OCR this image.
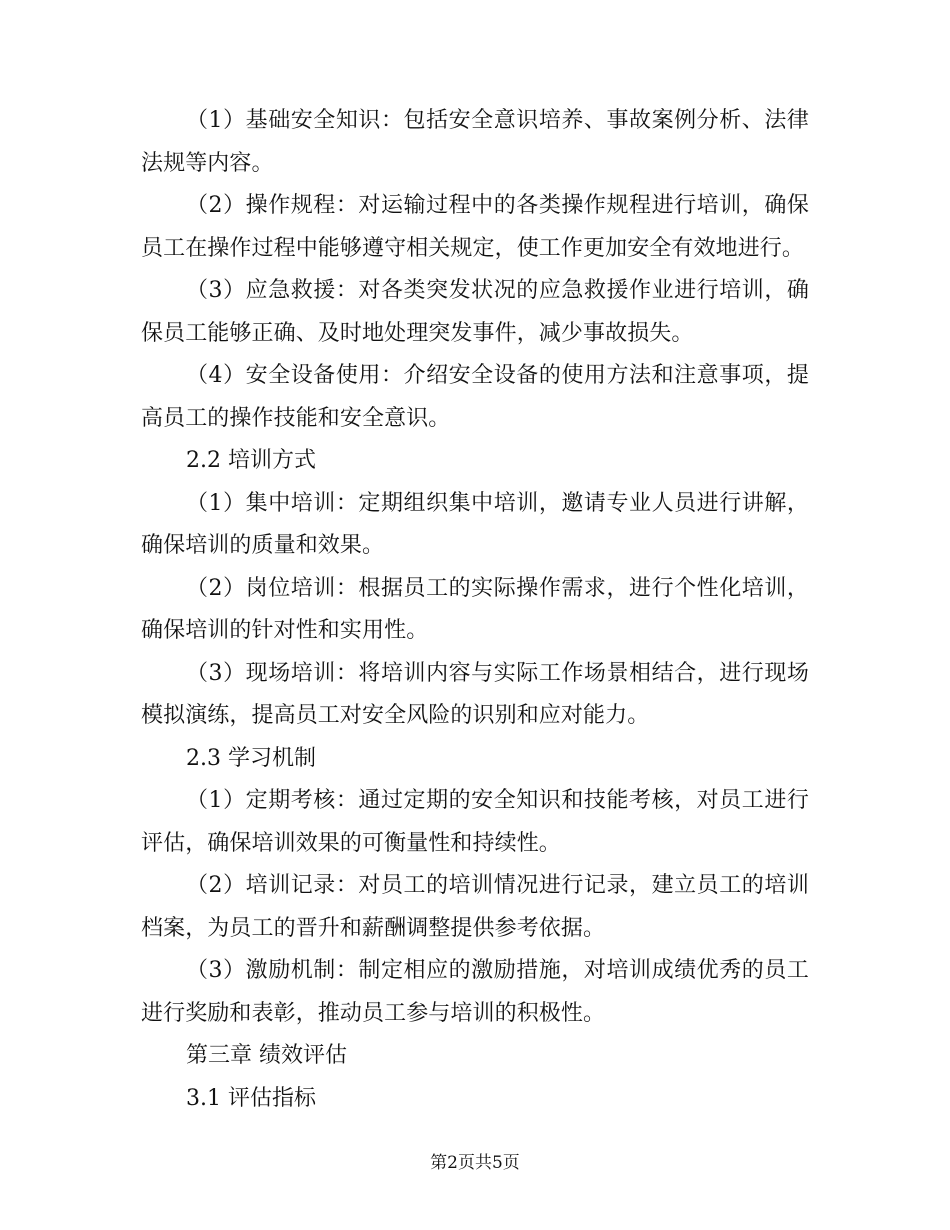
（1）基础安全知识：包括安全意识培养、事故案例分析、法律法规等内容。

（2）操作规程：对运输过程中的各类操作规程进行培训，确保员工在操作过程中能够遵守相关规定，使工作更加安全有效地进行。

（3）应急救援：对各类突发状况的应急救援作业进行培训，确保员工能够正确、及时地处理突发事件，减少事故损失。

（4）安全设备使用：介绍安全设备的使用方法和注意事项，提高员工的操作技能和安全意识。

2.2 培训方式

（1）集中培训：定期组织集中培训，邀请专业人员进行讲解，确保培训的质量和效果。

（2）岗位培训：根据员工的实际操作需求，进行个性化培训，确保培训的针对性和实用性。

（3）现场培训：将培训内容与实际工作场景相结合，进行现场模拟演练，提高员工对安全风险的识别和应对能力。

2.3 学习机制

（1）定期考核：通过定期的安全知识和技能考核，对员工进行评估，确保培训效果的可衡量性和持续性。

（2）培训记录：对员工的培训情况进行记录，建立员工的培训档案，为员工的晋升和薪酬调整提供参考依据。

（3）激励机制：制定相应的激励措施，对培训成绩优秀的员工进行奖励和表彰，推动员工参与培训的积极性。

第三章 绩效评估

3.1 评估指标

第2页共5页
